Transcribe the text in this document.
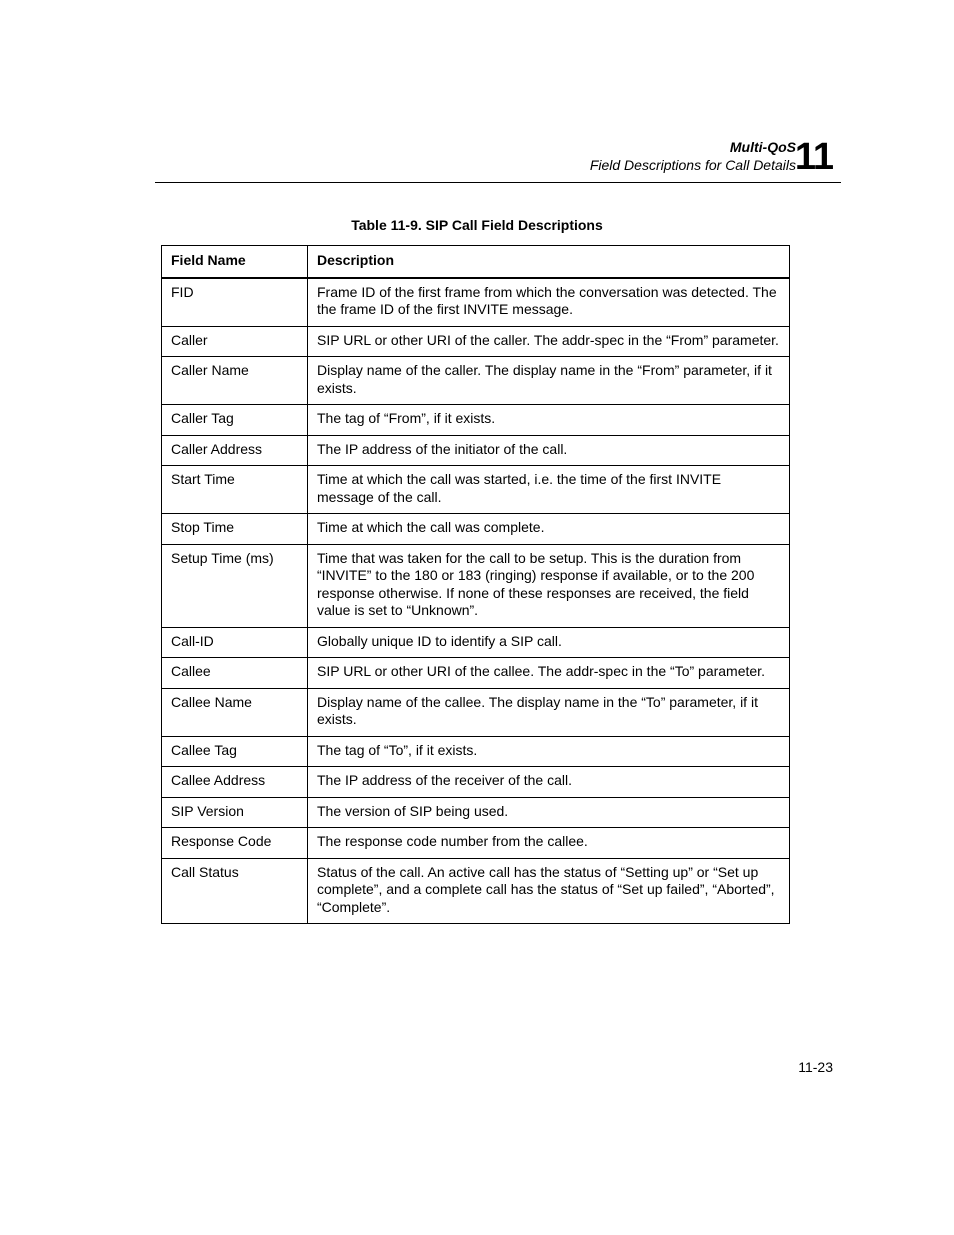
Multi-QoS
Field Descriptions for Call Details
11
Table 11-9. SIP Call Field Descriptions
Field Name	Description
FID	Frame ID of the first frame from which the conversation was detected. The the frame ID of the first INVITE message.
Caller	SIP URL or other URI of the caller. The addr-spec in the “From” parameter.
Caller Name	Display name of the caller. The display name in the “From” parameter, if it exists.
Caller Tag	The tag of “From”, if it exists.
Caller Address	The IP address of the initiator of the call.
Start Time	Time at which the call was started, i.e. the time of the first INVITE message of the call.
Stop Time	Time at which the call was complete.
Setup Time (ms)	Time that was taken for the call to be setup. This is the duration from “INVITE” to the 180 or 183 (ringing) response if available, or to the 200 response otherwise. If none of these responses are received, the field value is set to “Unknown”.
Call-ID	Globally unique ID to identify a SIP call.
Callee	SIP URL or other URI of the callee. The addr-spec in the “To” parameter.
Callee Name	Display name of the callee. The display name in the “To” parameter, if it exists.
Callee Tag	The tag of “To”, if it exists.
Callee Address	The IP address of the receiver of the call.
SIP Version	The version of SIP being used.
Response Code	The response code number from the callee.
Call Status	Status of the call. An active call has the status of “Setting up” or “Set up complete”, and a complete call has the status of “Set up failed”, “Aborted”, “Complete”.
11-23
